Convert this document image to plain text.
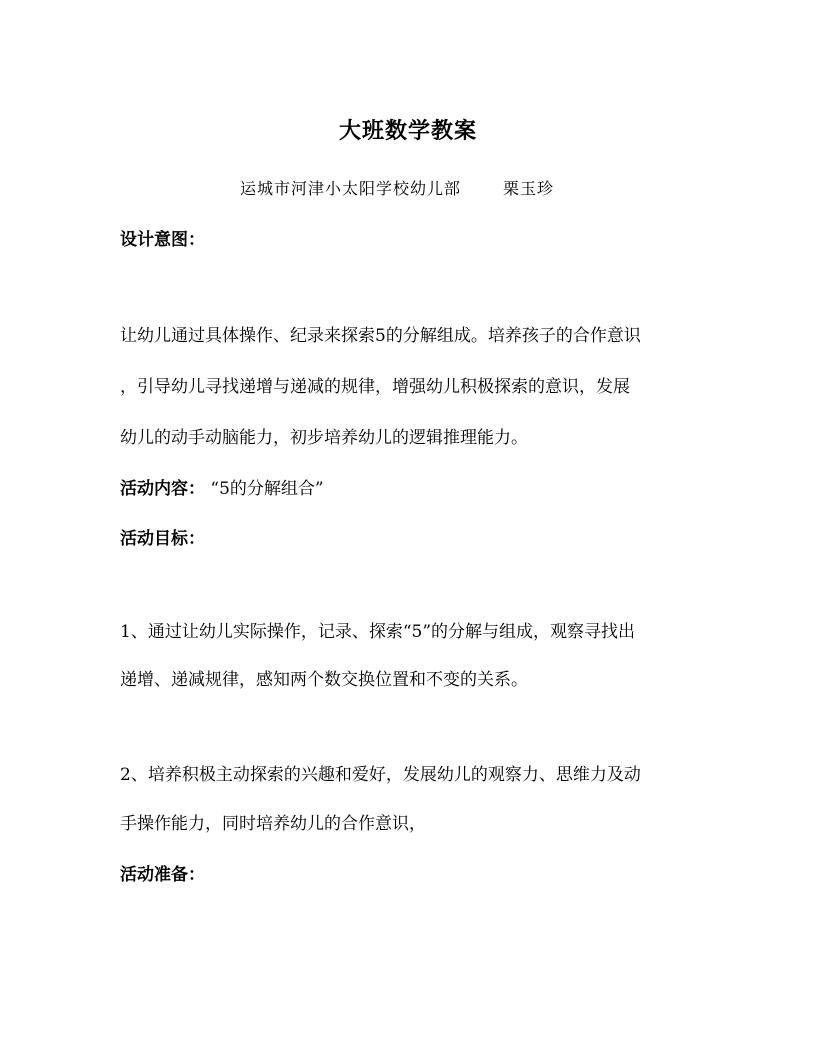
大班数学教案
运城市河津小太阳学校幼儿部	栗玉珍
设计意图：
让幼儿通过具体操作、纪录来探索5的分解组成。培养孩子的合作意识
，引导幼儿寻找递增与递减的规律，增强幼儿积极探索的意识，发展
幼儿的动手动脑能力，初步培养幼儿的逻辑推理能力。
活动内容： “5的分解组合”
活动目标：
1、通过让幼儿实际操作，记录、探索“5”的分解与组成，观察寻找出
递增、递减规律，感知两个数交换位置和不变的关系。
2、培养积极主动探索的兴趣和爱好，发展幼儿的观察力、思维力及动
手操作能力，同时培养幼儿的合作意识，
活动准备：
